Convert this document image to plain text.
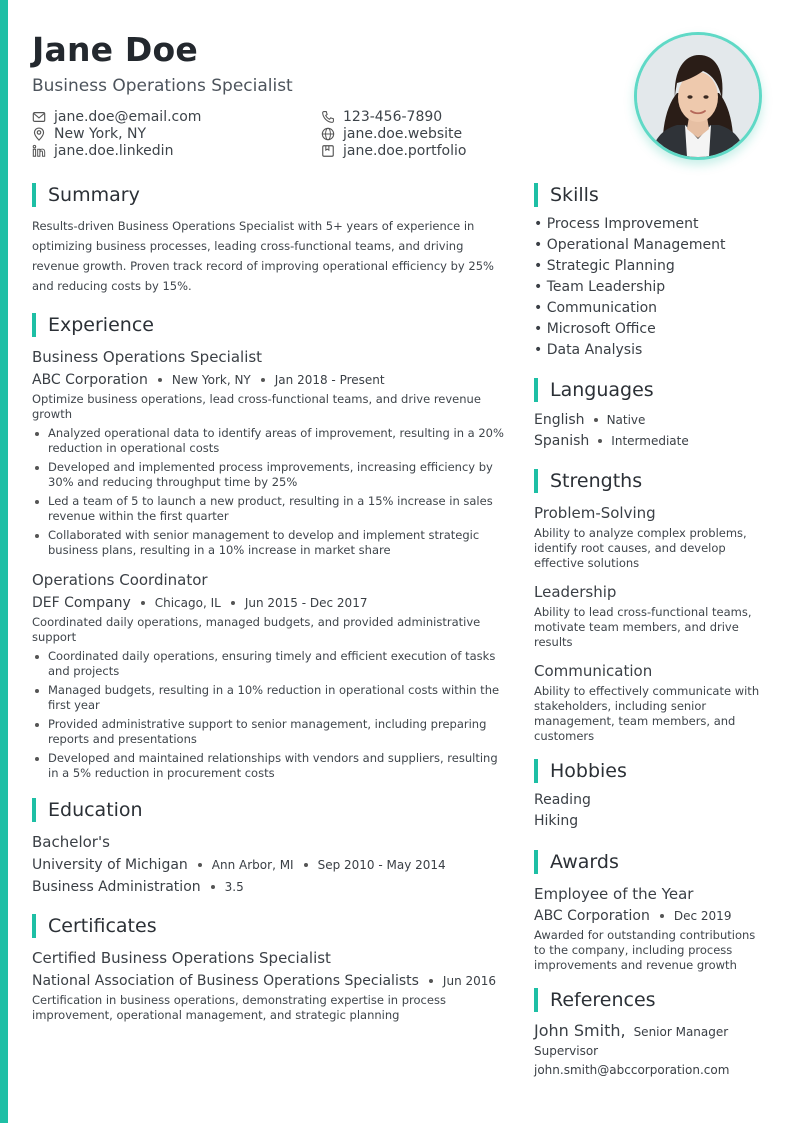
Jane Doe
Business Operations Specialist
jane.doe@email.com	123-456-7890
New York, NY	jane.doe.website
jane.doe.linkedin	jane.doe.portfolio
Summary

Results-driven Business Operations Specialist with 5+ years of experience in optimizing business processes, leading cross-functional teams, and driving revenue growth. Proven track record of improving operational efficiency by 25% and reducing costs by 15%.

Experience
Business Operations Specialist
ABC Corporation New York, NY Jan 2018 - Present

Optimize business operations, lead cross-functional teams, and drive revenue growth

Analyzed operational data to identify areas of improvement, resulting in a 20% reduction in operational costs
Developed and implemented process improvements, increasing efficiency by 30% and reducing throughput time by 25%
Led a team of 5 to launch a new product, resulting in a 15% increase in sales revenue within the first quarter
Collaborated with senior management to develop and implement strategic business plans, resulting in a 10% increase in market share
Operations Coordinator
DEF Company Chicago, IL Jun 2015 - Dec 2017

Coordinated daily operations, managed budgets, and provided administrative support

Coordinated daily operations, ensuring timely and efficient execution of tasks and projects
Managed budgets, resulting in a 10% reduction in operational costs within the first year
Provided administrative support to senior management, including preparing reports and presentations
Developed and maintained relationships with vendors and suppliers, resulting in a 5% reduction in procurement costs
Education
Bachelor's
University of Michigan Ann Arbor, MI Sep 2010 - May 2014
Business Administration 3.5
Certificates
Certified Business Operations Specialist
National Association of Business Operations Specialists Jun 2016

Certification in business operations, demonstrating expertise in process improvement, operational management, and strategic planning

Skills
• Process Improvement
• Operational Management
• Strategic Planning
• Team Leadership
• Communication
• Microsoft Office
• Data Analysis
Languages
English Native
Spanish Intermediate
Strengths
Problem-Solving

Ability to analyze complex problems, identify root causes, and develop effective solutions

Leadership

Ability to lead cross-functional teams, motivate team members, and drive results

Communication

Ability to effectively communicate with stakeholders, including senior management, team members, and customers

Hobbies
Reading
Hiking
Awards
Employee of the Year
ABC Corporation Dec 2019

Awarded for outstanding contributions to the company, including process improvements and revenue growth

References
John Smith, Senior Manager
Supervisor
john.smith@abccorporation.com
